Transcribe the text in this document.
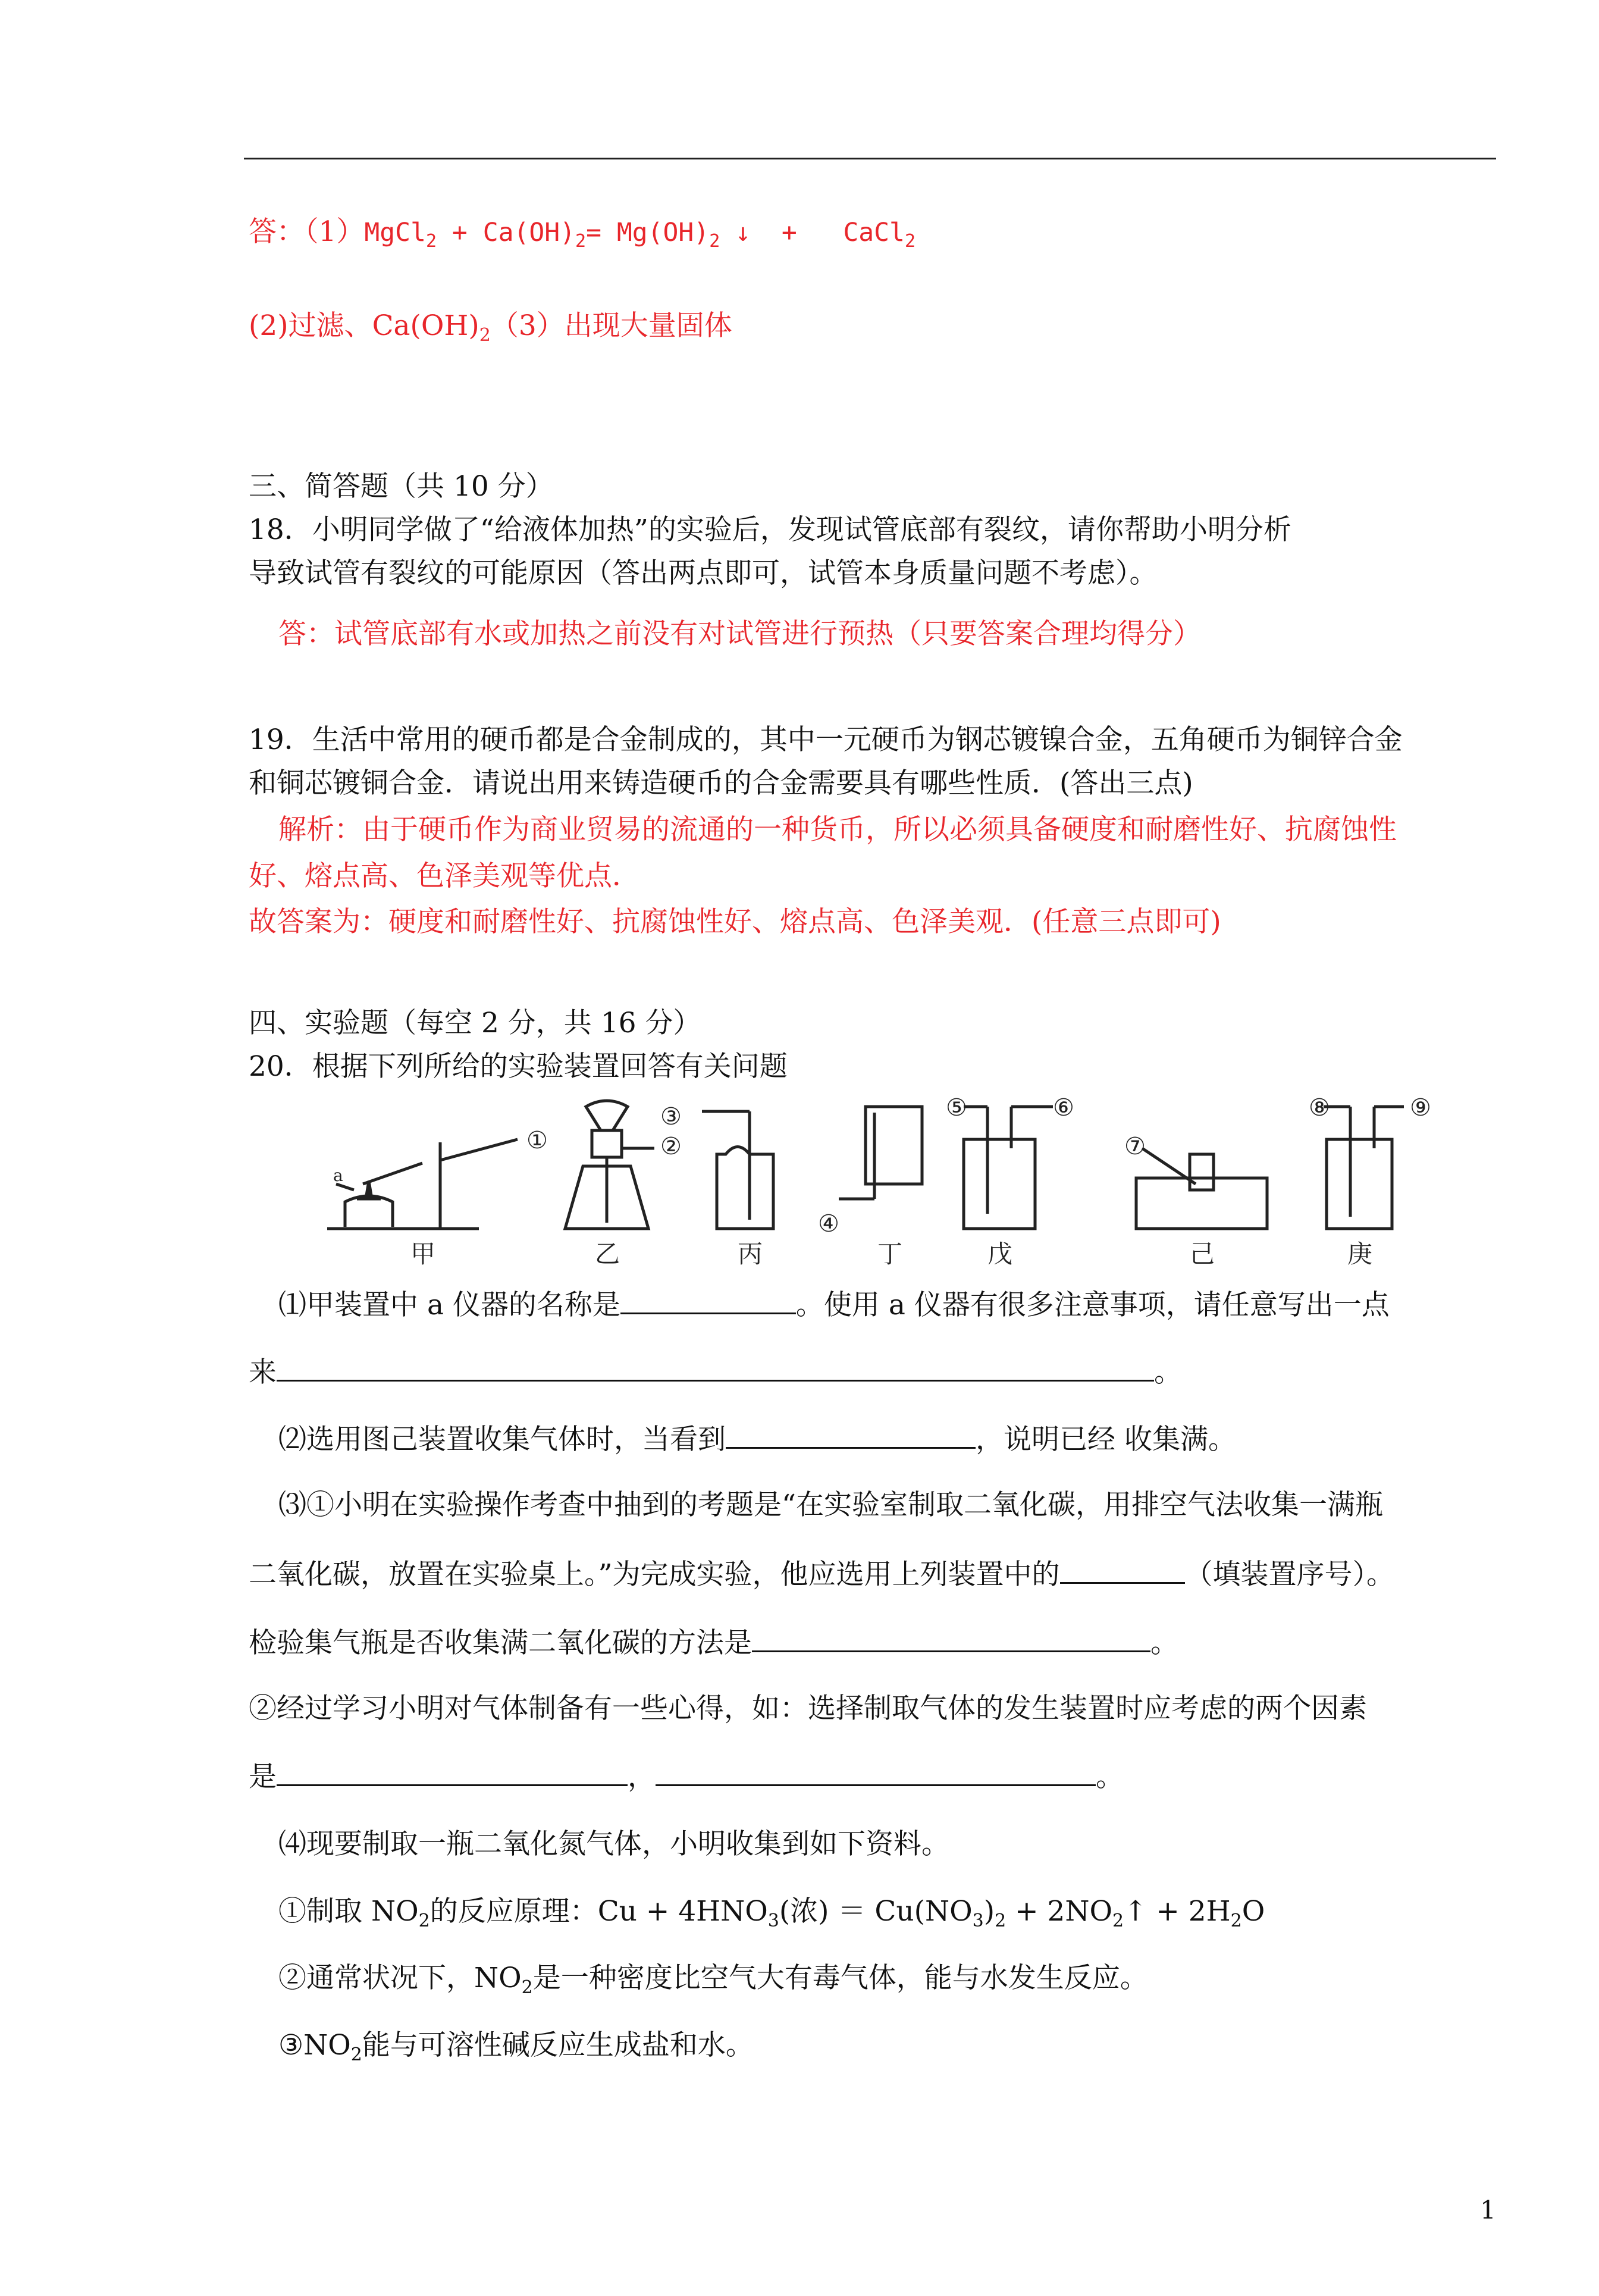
答：（1）MgCl$_2$ + $Ca(OH)_2= Mg(OH)_2$ ↓  +   CaCl$_2$
(2)过滤、$Ca(OH)_2(3)$出现大量固体
三、简答题（共 10 分）
18．小明同学做了“给液体加热”的实验后，发现试管底部有裂纹，请你帮助小明分析
导致试管有裂纹的可能原因（答出两点即可，试管本身质量问题不考虑）。
答：试管底部有水或加热之前没有对试管进行预热（只要答案合理均得分）
19．生活中常用的硬币都是合金制成的，其中一元硬币为钢芯镀镍合金，五角硬币为铜锌合金
和铜芯镀铜合金．请说出用来铸造硬币的合金需要具有哪些性质．(答出三点)
解析：由于硬币作为商业贸易的流通的一种货币，所以必须具备硬度和耐磨性好、抗腐蚀性
好、熔点高、色泽美观等优点．
故答案为：硬度和耐磨性好、抗腐蚀性好、熔点高、色泽美观．(任意三点即可)
四、实验题（每空 2 分，共 16 分）
20．根据下列所给的实验装置回答有关问题
a
①	②
③
④
⑤	⑥
⑦
⑧	⑨
甲	乙	丙	丁	戊	己	庚
⑴甲装置中 a 仪器的名称是	。使用 a 仪器有很多注意事项，请任意写出一点
来	。
⑵选用图己装置收集气体时，当看到	，说明已经 收集满。
⑶①小明在实验操作考查中抽到的考题是“在实验室制取二氧化碳，用排空气法收集一满瓶
二氧化碳，放置在实验桌上。”为完成实验，他应选用上列装置中的	（填装置序号）。
检验集气瓶是否收集满二氧化碳的方法是	。
②经过学习小明对气体制备有一些心得，如：选择制取气体的发生装置时应考虑的两个因素
是	，	。
⑷现要制取一瓶二氧化氮气体，小明收集到如下资料。
①制取 $NO_2$的反应原理：$Cu + 4HNO_3$(浓) ＝ $Cu(NO_3)_2$ + $2NO_2↑ + 2H_2O$
②通常状况下，$NO_2$是一种密度比空气大有毒气体，能与水发生反应。
$③NO_2$能与可溶性碱反应生成盐和水。
1
